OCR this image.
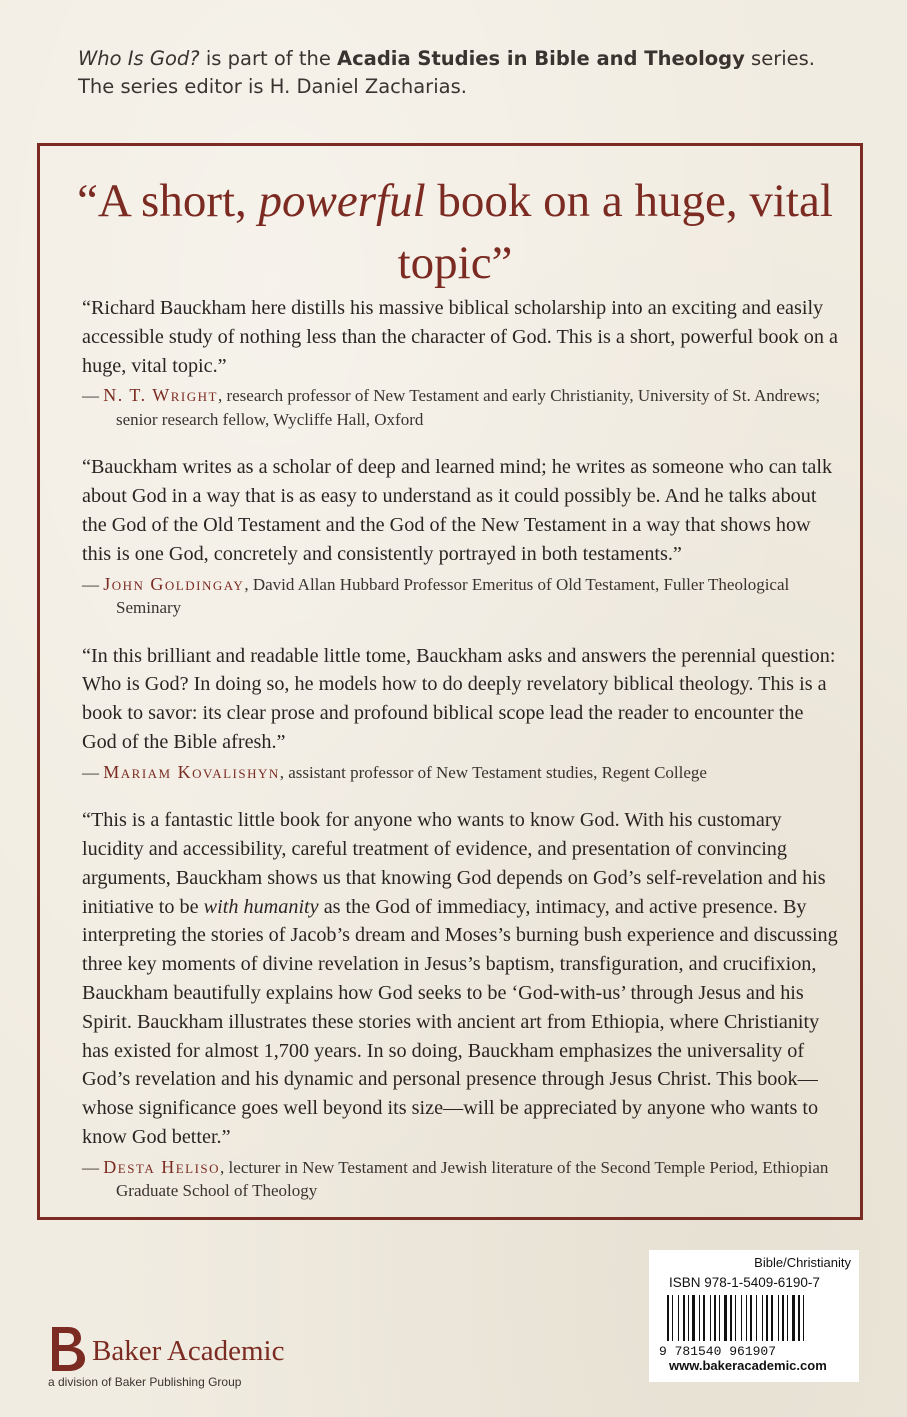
Who Is God? is part of the Acadia Studies in Bible and Theology series.
The series editor is H. Daniel Zacharias.
“A short, powerful book on a huge, vital topic”

“Richard Bauckham here distills his massive biblical scholarship into an exciting and easily accessible study of nothing less than the character of God. This is a short, powerful book on a huge, vital topic.”

— N. T. Wright, research professor of New Testament and early Christianity, University of St. Andrews; senior research fellow, Wycliffe Hall, Oxford

“Bauckham writes as a scholar of deep and learned mind; he writes as someone who can talk about God in a way that is as easy to understand as it could possibly be. And he talks about the God of the Old Testament and the God of the New Testament in a way that shows how this is one God, concretely and consistently portrayed in both testaments.”

— John Goldingay, David Allan Hubbard Professor Emeritus of Old Testament, Fuller Theological Seminary

“In this brilliant and readable little tome, Bauckham asks and answers the perennial question: Who is God? In doing so, he models how to do deeply revelatory biblical theology. This is a book to savor: its clear prose and profound biblical scope lead the reader to encounter the God of the Bible afresh.”

— Mariam Kovalishyn, assistant professor of New Testament studies, Regent College

“This is a fantastic little book for anyone who wants to know God. With his customary lucidity and accessibility, careful treatment of evidence, and presentation of convincing arguments, Bauckham shows us that knowing God depends on God’s self-revelation and his initiative to be with humanity as the God of immediacy, intimacy, and active presence. By interpreting the stories of Jacob’s dream and Moses’s burning bush experience and discussing three key moments of divine revelation in Jesus’s baptism, transfiguration, and crucifixion, Bauckham beautifully explains how God seeks to be ‘God-with-us’ through Jesus and his Spirit. Bauckham illustrates these stories with ancient art from Ethiopia, where Christianity has existed for almost 1,700 years. In so doing, Bauckham emphasizes the universality of God’s revelation and his dynamic and personal presence through Jesus Christ. This book—whose significance goes well beyond its size—will be appreciated by anyone who wants to know God better.”

— Desta Heliso, lecturer in New Testament and Jewish literature of the Second Temple Period, Ethiopian Graduate School of Theology

Bible/Christianity
ISBN 978-1-5409-6190-7
9 781540 961907
www.bakeracademic.com
Baker Academic
a division of Baker Publishing Group
